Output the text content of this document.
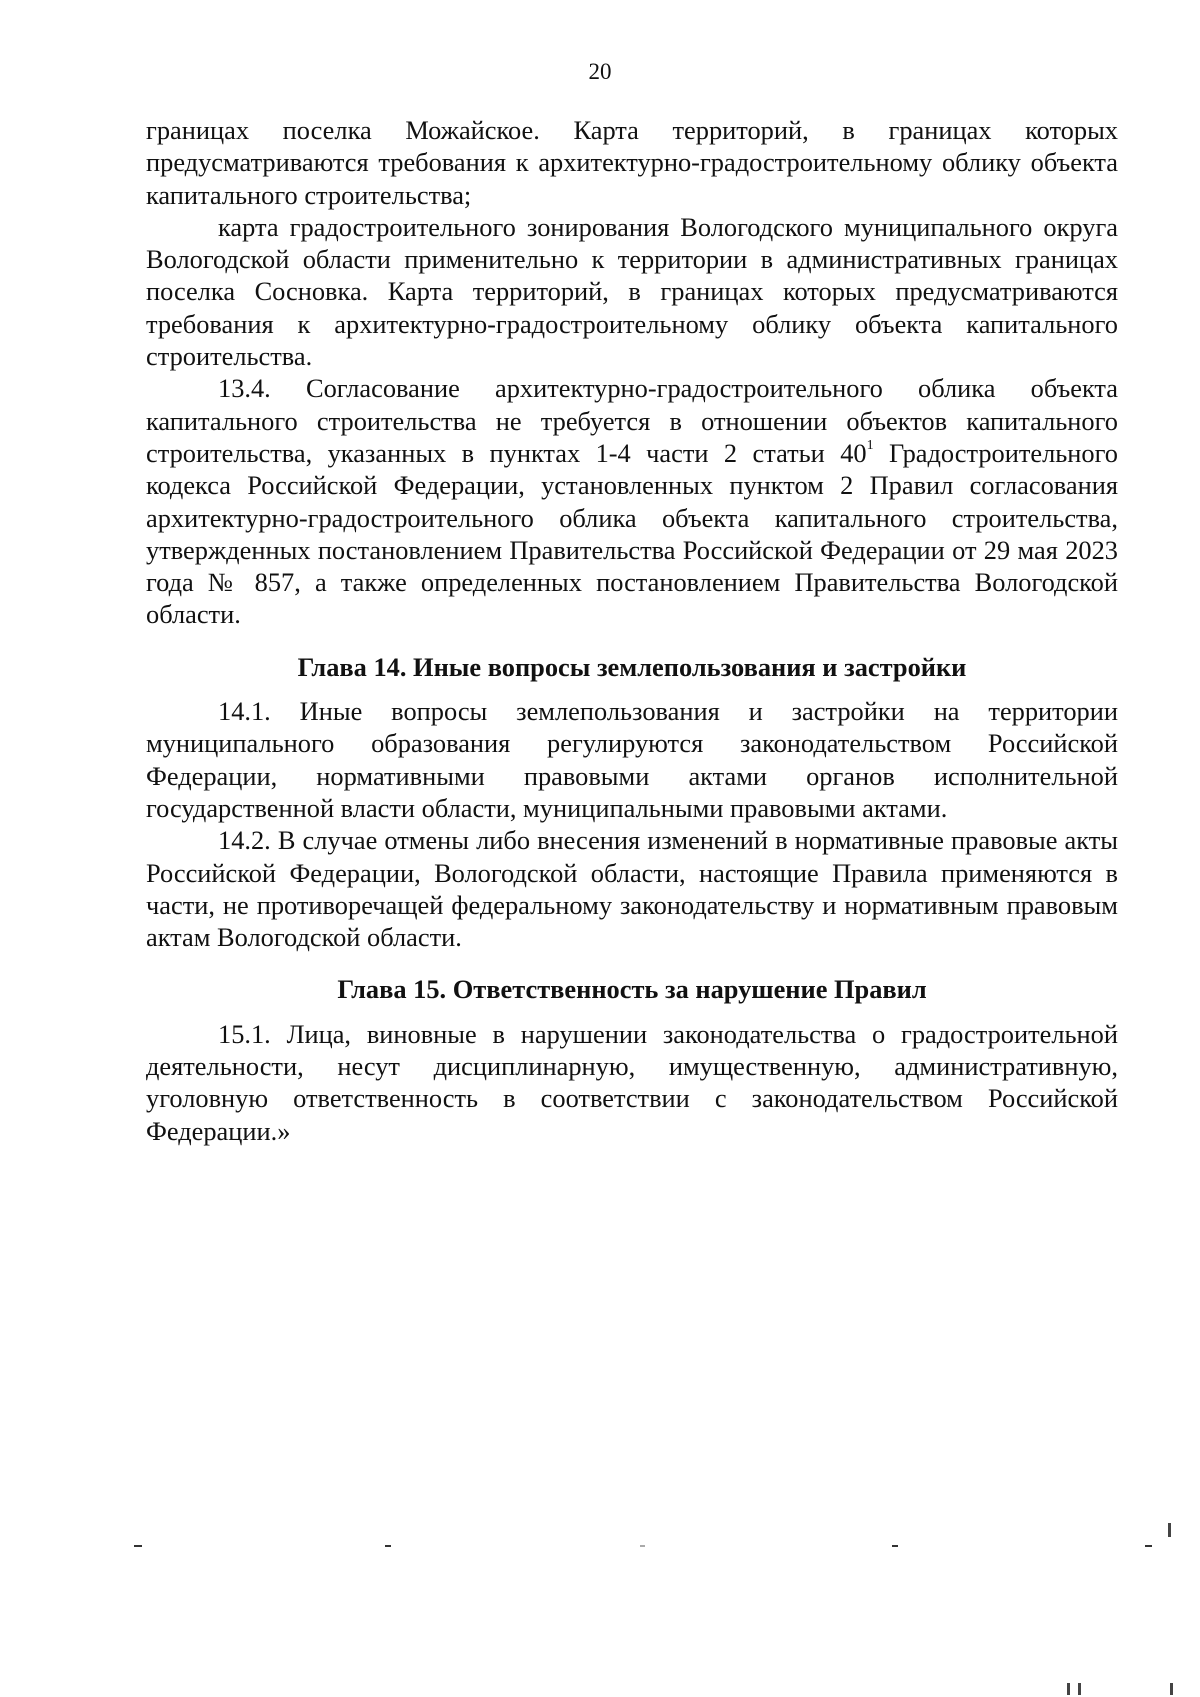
20

границах поселка Можайское. Карта территорий, в границах которых предусматриваются требования к архитектурно-градостроительному облику объекта капитального строительства;

карта градостроительного зонирования Вологодского муниципального округа Вологодской области применительно к территории в административных границах поселка Сосновка. Карта территорий, в границах которых предусматриваются требования к архитектурно-градостроительному облику объекта капитального строительства.

13.4. Согласование архитектурно-градостроительного облика объекта капитального строительства не требуется в отношении объектов капитального строительства, указанных в пунктах 1-4 части 2 статьи $40^1$ Градостроительного кодекса Российской Федерации, установленных пунктом 2 Правил согласования архитектурно-градостроительного облика объекта капитального строительства, утвержденных постановлением Правительства Российской Федерации от 29 мая 2023 года № 857, а также определенных постановлением Правительства Вологодской области.

Глава 14. Иные вопросы землепользования и застройки

14.1. Иные вопросы землепользования и застройки на территории муниципального образования регулируются законодательством Российской Федерации, нормативными правовыми актами органов исполнительной государственной власти области, муниципальными правовыми актами.

14.2. В случае отмены либо внесения изменений в нормативные правовые акты Российской Федерации, Вологодской области, настоящие Правила применяются в части, не противоречащей федеральному законодательству и нормативным правовым актам Вологодской области.

Глава 15. Ответственность за нарушение Правил

15.1. Лица, виновные в нарушении законодательства о градостроительной деятельности, несут дисциплинарную, имущественную, административную, уголовную ответственность в соответствии с законодательством Российской Федерации.»
